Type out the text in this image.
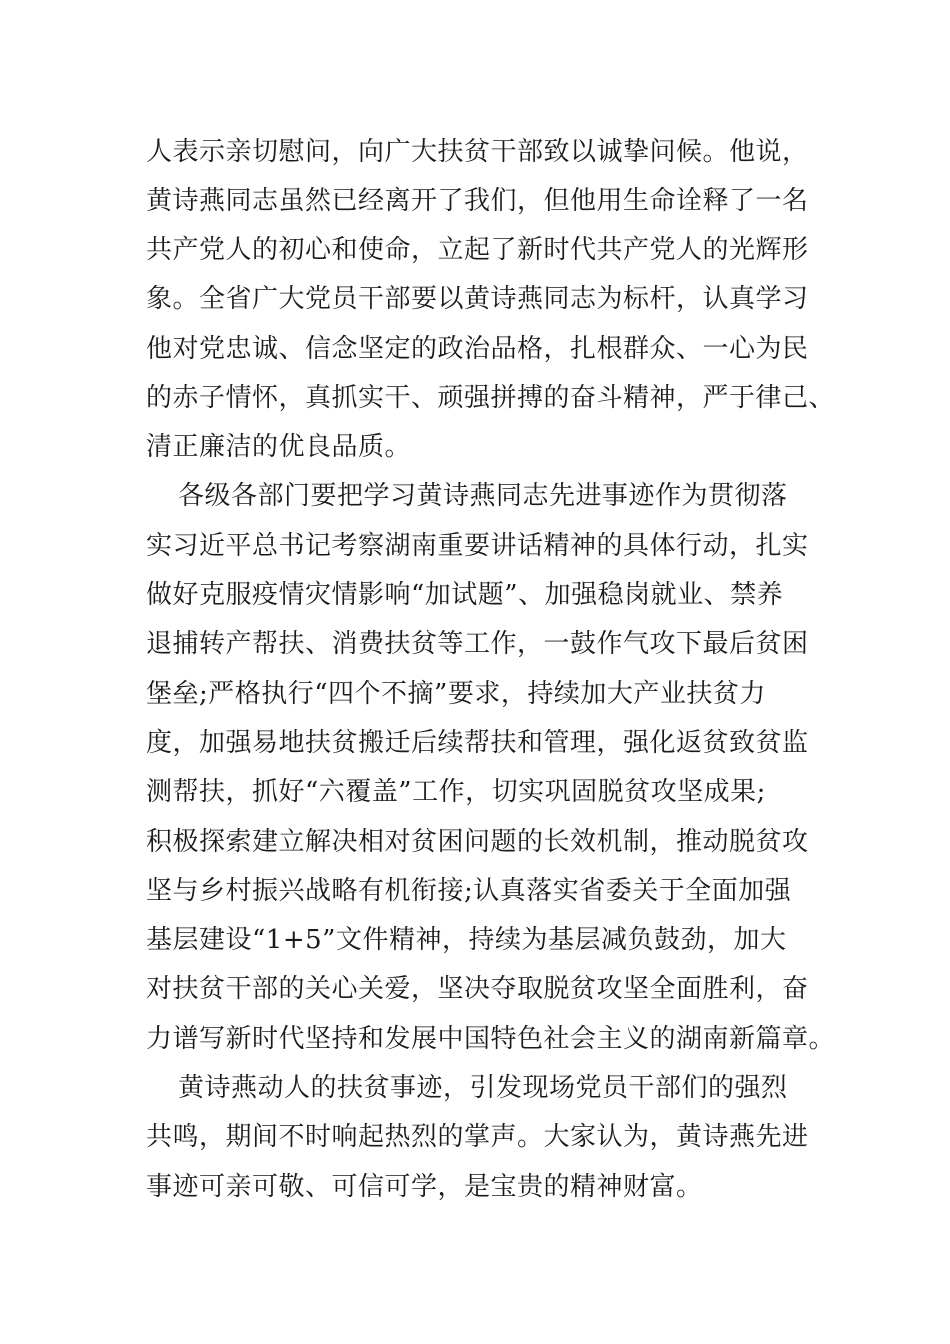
人表示亲切慰问，向广大扶贫干部致以诚挚问候。他说，
黄诗燕同志虽然已经离开了我们，但他用生命诠释了一名
共产党人的初心和使命，立起了新时代共产党人的光辉形
象。全省广大党员干部要以黄诗燕同志为标杆，认真学习
他对党忠诚、信念坚定的政治品格，扎根群众、一心为民
的赤子情怀，真抓实干、顽强拼搏的奋斗精神，严于律己、
清正廉洁的优良品质。
各级各部门要把学习黄诗燕同志先进事迹作为贯彻落
实习近平总书记考察湖南重要讲话精神的具体行动，扎实
做好克服疫情灾情影响“加试题”、加强稳岗就业、禁养
退捕转产帮扶、消费扶贫等工作，一鼓作气攻下最后贫困
堡垒;严格执行“四个不摘”要求，持续加大产业扶贫力
度，加强易地扶贫搬迁后续帮扶和管理，强化返贫致贫监
测帮扶，抓好“六覆盖”工作，切实巩固脱贫攻坚成果;
积极探索建立解决相对贫困问题的长效机制，推动脱贫攻
坚与乡村振兴战略有机衔接;认真落实省委关于全面加强
基层建设“1+5”文件精神，持续为基层减负鼓劲，加大
对扶贫干部的关心关爱，坚决夺取脱贫攻坚全面胜利，奋
力谱写新时代坚持和发展中国特色社会主义的湖南新篇章。
黄诗燕动人的扶贫事迹，引发现场党员干部们的强烈
共鸣，期间不时响起热烈的掌声。大家认为，黄诗燕先进
事迹可亲可敬、可信可学，是宝贵的精神财富。
